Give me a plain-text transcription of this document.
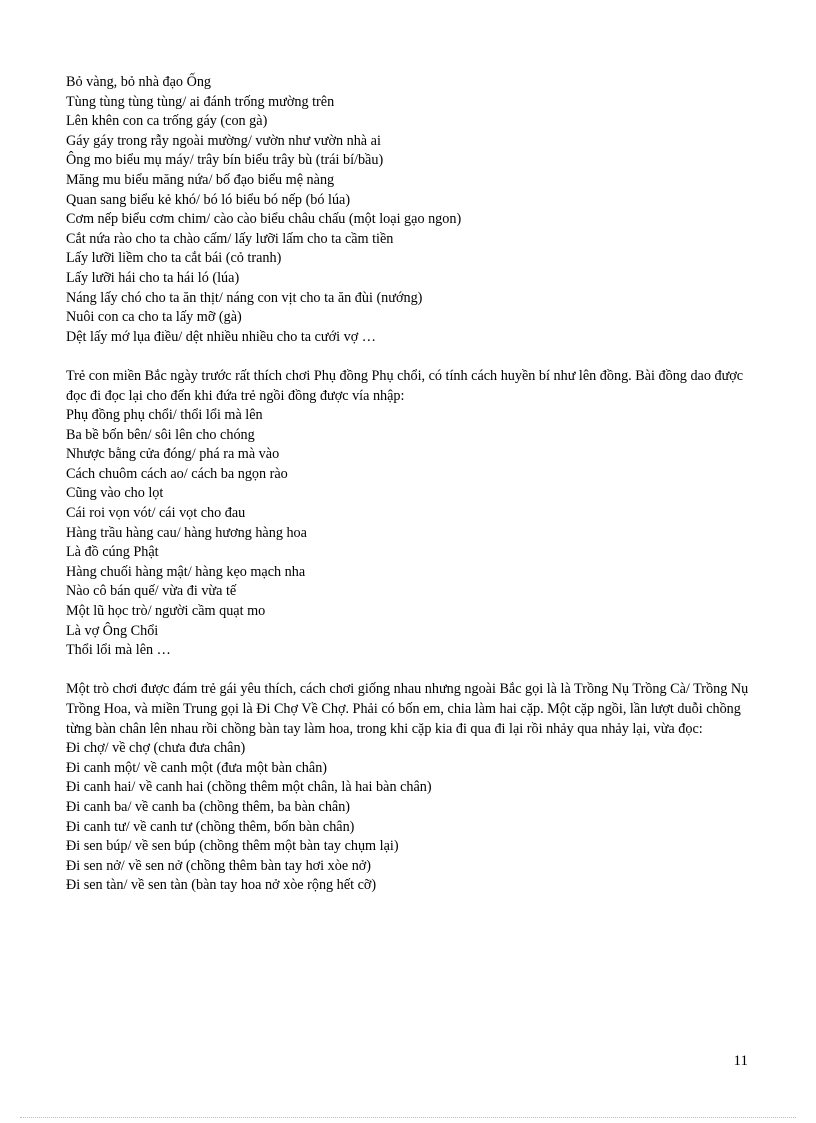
Bỏ vàng, bỏ nhà đạo Ống

Tùng tùng tùng tùng/ ai đánh trống mường trên

Lên khên con ca trống gáy (con gà)

Gáy gáy trong rẫy ngoài mường/ vườn như vườn nhà ai

Ông mo biểu mụ máy/ trây bín biểu trây bù (trái bí/bầu)

Măng mu biểu măng nứa/ bố đạo biểu mệ nàng

Quan sang biểu kẻ khó/ bó ló biểu bó nếp (bó lúa)

Cơm nếp biểu cơm chim/ cào cào biểu châu chấu (một loại gạo ngon)

Cắt nứa rào cho ta chào cấm/ lấy lưỡi lấm cho ta cầm tiền

Lấy lưỡi liềm cho ta cắt bái (cỏ tranh)

Lấy lưỡi hái cho ta hái ló (lúa)

Náng lấy chó cho ta ăn thịt/ náng con vịt cho ta ăn đùi (nướng)

Nuôi con ca cho ta lấy mỡ (gà)

Dệt lấy mớ lụa điều/ dệt nhiều nhiều cho ta cưới vợ …

Trẻ con miền Bắc ngày trước rất thích chơi Phụ đồng Phụ chổi, có tính cách huyền bí như lên đồng. Bài đồng dao được đọc đi đọc lại cho đến khi đứa trẻ ngồi đồng được vía nhập:

Phụ đồng phụ chổi/ thổi lổi mà lên

Ba bề bốn bên/ sôi lên cho chóng

Nhược bằng cửa đóng/ phá ra mà vào

Cách chuôm cách ao/ cách ba ngọn rào

Cũng vào cho lọt

Cái roi vọn vót/ cái vọt cho đau

Hàng trầu hàng cau/ hàng hương hàng hoa

Là đồ cúng Phật

Hàng chuối hàng mật/ hàng kẹo mạch nha

Nào cô bán quế/ vừa đi vừa tế

Một lũ học trò/ người cầm quạt mo

Là vợ Ông Chổi

Thổi lổi mà lên …

Một trò chơi được đám trẻ gái yêu thích, cách chơi giống nhau nhưng ngoài Bắc gọi là là Trồng Nụ Trồng Cà/ Trồng Nụ Trồng Hoa, và miền Trung gọi là Đi Chợ Về Chợ. Phải có bốn em, chia làm hai cặp. Một cặp ngồi, lần lượt duỗi chồng từng bàn chân lên nhau rồi chồng bàn tay làm hoa, trong khi cặp kia đi qua đi lại rồi nhảy qua nhảy lại, vừa đọc:

Đi chợ/ về chợ (chưa đưa chân)

Đi canh một/ về canh một (đưa một bàn chân)

Đi canh hai/ về canh hai (chồng thêm một chân, là hai bàn chân)

Đi canh ba/ về canh ba (chồng thêm, ba bàn chân)

Đi canh tư/ về canh tư (chồng thêm, bốn bàn chân)

Đi sen búp/ về sen búp (chồng thêm một bàn tay chụm lại)

Đi sen nở/ về sen nở (chồng thêm bàn tay hơi xòe nở)

Đi sen tàn/ về sen tàn (bàn tay hoa nở xòe rộng hết cỡ)

11
